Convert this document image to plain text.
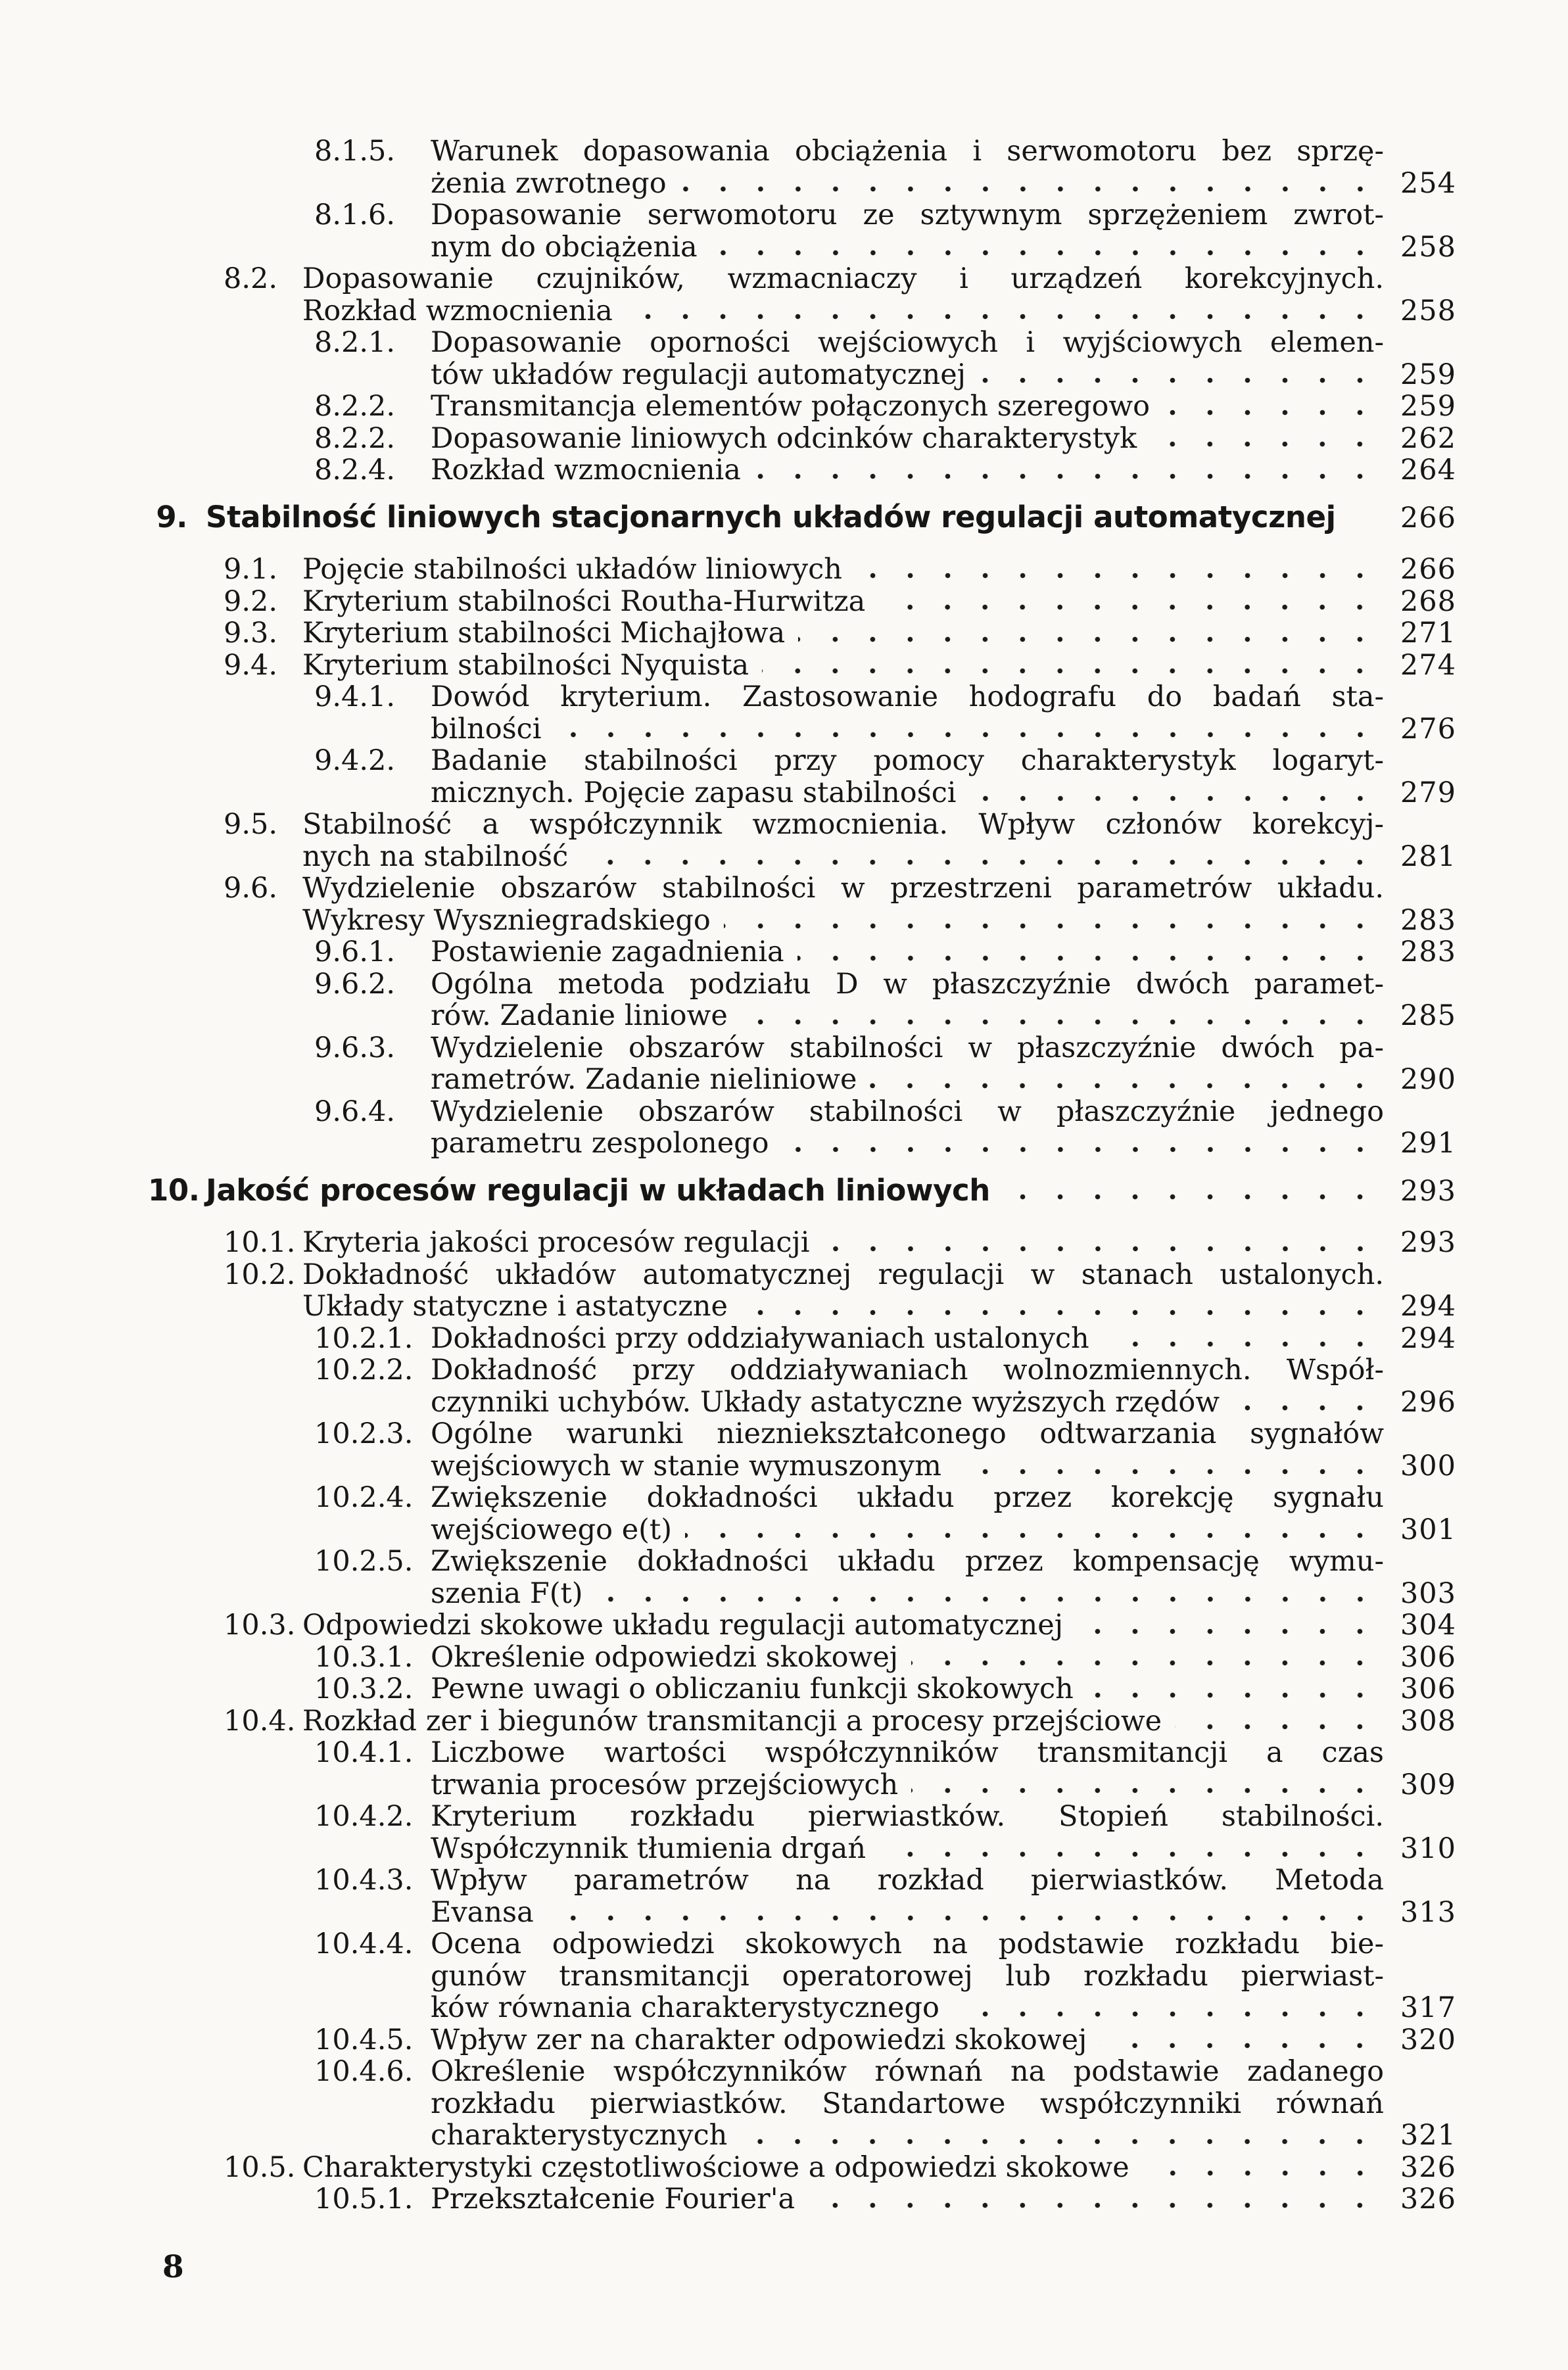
8.1.5.	Warunek dopasowania obciążenia i serwomotoru bez sprzę-
żenia zwrotnego	254
8.1.6.	Dopasowanie serwomotoru ze sztywnym sprzężeniem zwrot-
nym do obciążenia	258
8.2. Dopasowanie czujników, wzmacniaczy i urządzeń korekcyjnych.
Rozkład wzmocnienia	258
8.2.1.	Dopasowanie oporności wejściowych i wyjściowych elemen-
tów układów regulacji automatycznej	259
8.2.2.	Transmitancja elementów połączonych szeregowo	259
8.2.2.	Dopasowanie liniowych odcinków charakterystyk	262
8.2.4.	Rozkład wzmocnienia	264
9. Stabilność liniowych stacjonarnych układów regulacji automatycznej	266
9.1. Pojęcie stabilności układów liniowych	266
9.2. Kryterium stabilności Routha-Hurwitza	268
9.3. Kryterium stabilności Michajłowa	271
9.4. Kryterium stabilności Nyquista	274
9.4.1.	Dowód kryterium. Zastosowanie hodografu do badań sta-
bilności	276
9.4.2.	Badanie stabilności przy pomocy charakterystyk logaryt-
micznych. Pojęcie zapasu stabilności	279
9.5. Stabilność a współczynnik wzmocnienia. Wpływ członów korekcyj-
nych na stabilność	281
9.6. Wydzielenie obszarów stabilności w przestrzeni parametrów układu.
Wykresy Wyszniegradskiego	283
9.6.1.	Postawienie zagadnienia	283
9.6.2.	Ogólna metoda podziału D w płaszczyźnie dwóch paramet-
rów. Zadanie liniowe	285
9.6.3.	Wydzielenie obszarów stabilności w płaszczyźnie dwóch pa-
rametrów. Zadanie nieliniowe	290
9.6.4.	Wydzielenie obszarów stabilności w płaszczyźnie jednego
parametru zespolonego	291
10. Jakość procesów regulacji w układach liniowych	293
10.1. Kryteria jakości procesów regulacji	293
10.2. Dokładność układów automatycznej regulacji w stanach ustalonych.
Układy statyczne i astatyczne	294
10.2.1. Dokładności przy oddziaływaniach ustalonych	294
10.2.2. Dokładność przy oddziaływaniach wolnozmiennych. Współ-
czynniki uchybów. Układy astatyczne wyższych rzędów	296
10.2.3. Ogólne warunki niezniekształconego odtwarzania sygnałów
wejściowych w stanie wymuszonym	300
10.2.4. Zwiększenie dokładności układu przez korekcję sygnału
wejściowego e(t)	301
10.2.5. Zwiększenie dokładności układu przez kompensację wymu-
szenia F(t)	303
10.3. Odpowiedzi skokowe układu regulacji automatycznej	304
10.3.1. Określenie odpowiedzi skokowej	306
10.3.2. Pewne uwagi o obliczaniu funkcji skokowych	306
10.4. Rozkład zer i biegunów transmitancji a procesy przejściowe	308
10.4.1. Liczbowe wartości współczynników transmitancji a czas
trwania procesów przejściowych	309
10.4.2. Kryterium rozkładu pierwiastków. Stopień stabilności.
Współczynnik tłumienia drgań	310
10.4.3. Wpływ parametrów na rozkład pierwiastków. Metoda
Evansa	313
10.4.4. Ocena odpowiedzi skokowych na podstawie rozkładu bie-
gunów transmitancji operatorowej lub rozkładu pierwiast-
ków równania charakterystycznego	317
10.4.5. Wpływ zer na charakter odpowiedzi skokowej	320
10.4.6. Określenie współczynników równań na podstawie zadanego
rozkładu pierwiastków. Standartowe współczynniki równań
charakterystycznych	321
10.5. Charakterystyki częstotliwościowe a odpowiedzi skokowe	326
10.5.1. Przekształcenie Fourier'a	326
8
